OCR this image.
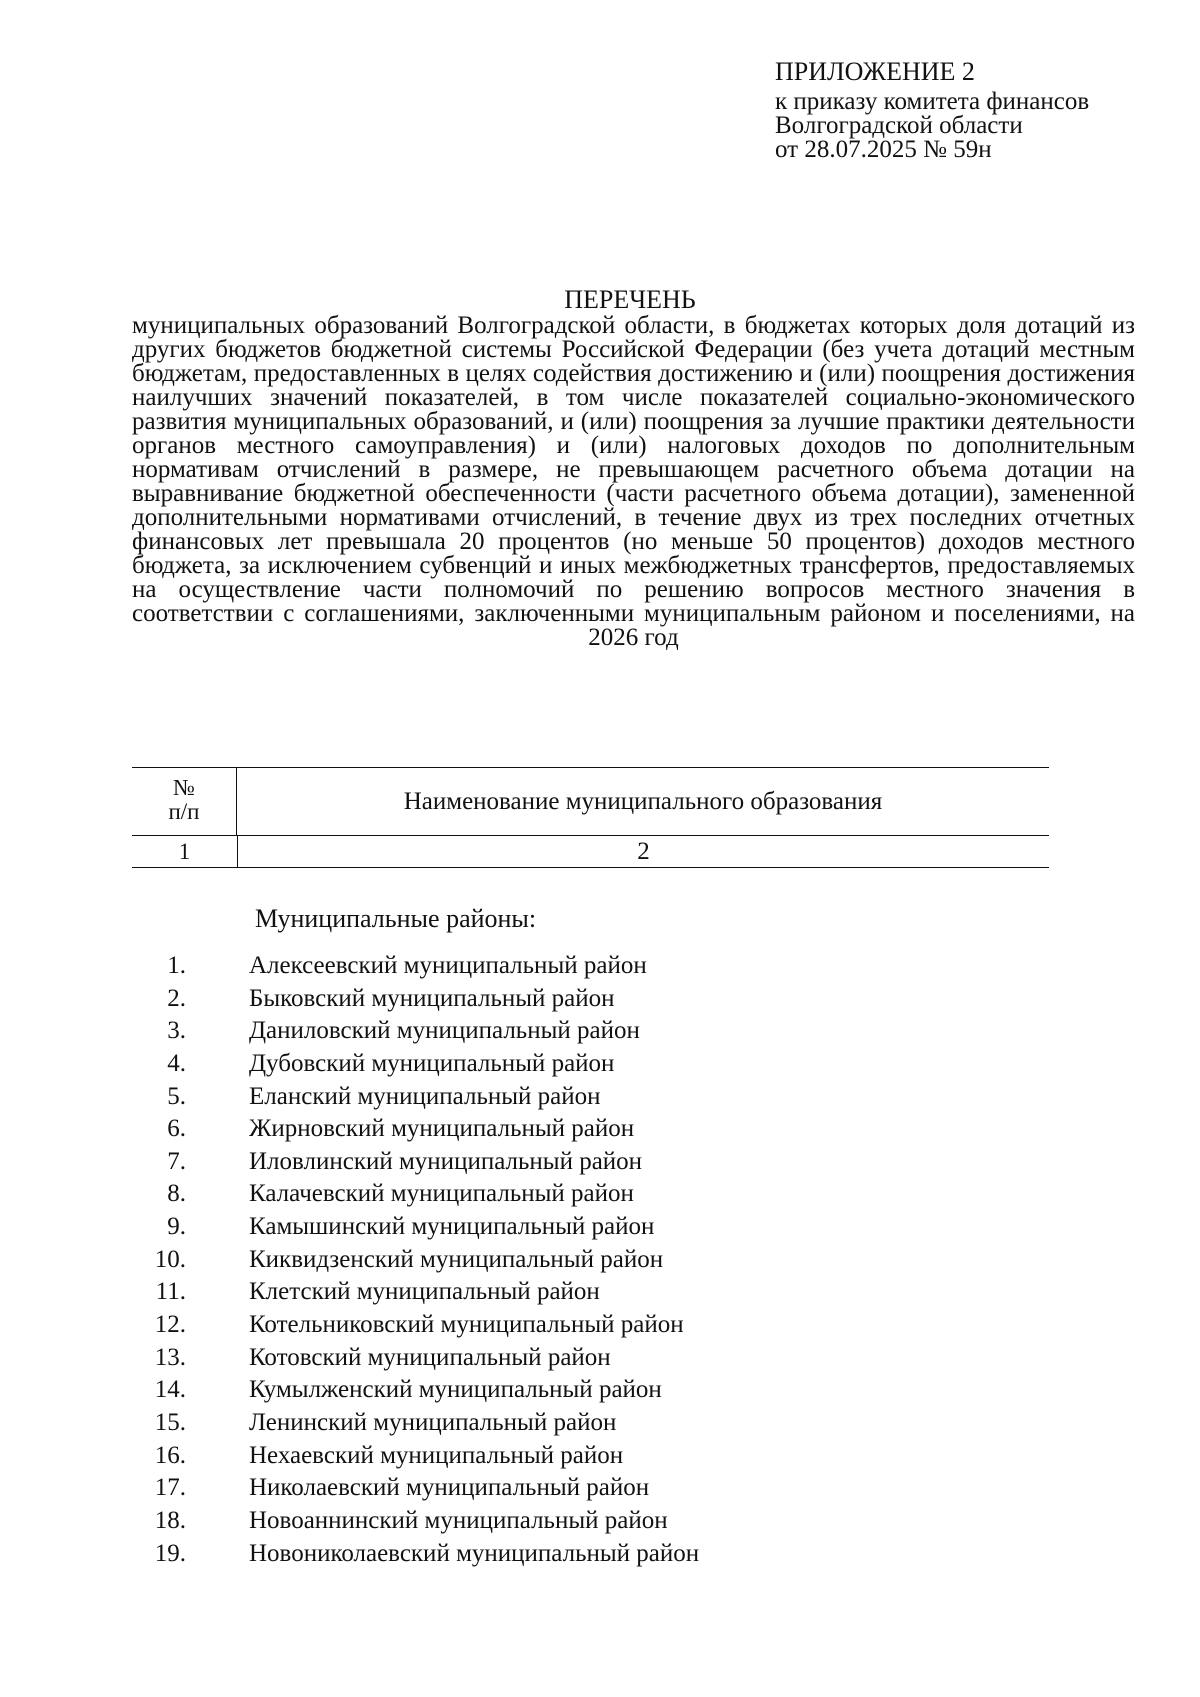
ПРИЛОЖЕНИЕ 2
к приказу комитета финансов
Волгоградской области
от 28.07.2025 № 59н
ПЕРЕЧЕНЬ
муниципальных образований Волгоградской области, в бюджетах которых доля дотаций из других бюджетов бюджетной системы Российской Федерации (без учета дотаций местным бюджетам, предоставленных в целях содействия достижению и (или) поощрения достижения наилучших значений показателей, в том числе показателей социально-экономического развития муниципальных образований, и (или) поощрения за лучшие практики деятельности органов местного самоуправления) и (или) налоговых доходов по дополнительным нормативам отчислений в размере, не превышающем расчетного объема дотации на выравнивание бюджетной обеспеченности (части расчетного объема дотации), замененной дополнительными нормативами отчислений, в течение двух из трех последних отчетных финансовых лет превышала 20 процентов (но меньше 50 процентов) доходов местного бюджета, за исключением субвенций и иных межбюджетных трансфертов, предоставляемых на осуществление части полномочий по решению вопросов местного значения в соответствии с соглашениями, заключенными муниципальным районом и поселениями, на 2026 год
№
п/п	Наименование муниципального образования
1	2
Муниципальные районы:
1.	Алексеевский муниципальный район
2.	Быковский муниципальный район
3.	Даниловский муниципальный район
4.	Дубовский муниципальный район
5.	Еланский муниципальный район
6.	Жирновский муниципальный район
7.	Иловлинский муниципальный район
8.	Калачевский муниципальный район
9.	Камышинский муниципальный район
10.	Киквидзенский муниципальный район
11.	Клетский муниципальный район
12.	Котельниковский муниципальный район
13.	Котовский муниципальный район
14.	Кумылженский муниципальный район
15.	Ленинский муниципальный район
16.	Нехаевский муниципальный район
17.	Николаевский муниципальный район
18.	Новоаннинский муниципальный район
19.	Новониколаевский муниципальный район
